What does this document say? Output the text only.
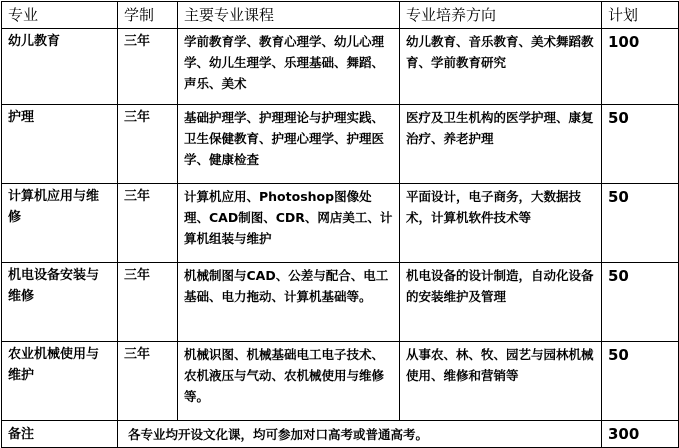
专业	学制	主要专业课程	专业培养方向	计划
幼儿教育	三年	学前教育学、教育心理学、幼儿心理学、幼儿生理学、乐理基础、舞蹈、声乐、美术	幼儿教育、音乐教育、美术舞蹈教育、学前教育研究	100
护理	三年	基础护理学、护理理论与护理实践、卫生保健教育、护理心理学、护理医学、健康检查	医疗及卫生机构的医学护理、康复治疗、养老护理	50
计算机应用与维修	三年	计算机应用、Photoshop图像处理、CAD制图、CDR、网店美工、计算机组装与维护	平面设计，电子商务，大数据技术，计算机软件技术等	50
机电设备安装与维修	三年	机械制图与CAD、公差与配合、电工基础、电力拖动、计算机基础等。	机电设备的设计制造，自动化设备的安装维护及管理	50
农业机械使用与维护	三年	机械识图、机械基础电工电子技术、农机液压与气动、农机械使用与维修等。	从事农、林、牧、园艺与园林机械使用、维修和营销等	50
备注	各专业均开设文化课，均可参加对口高考或普通高考。			300
